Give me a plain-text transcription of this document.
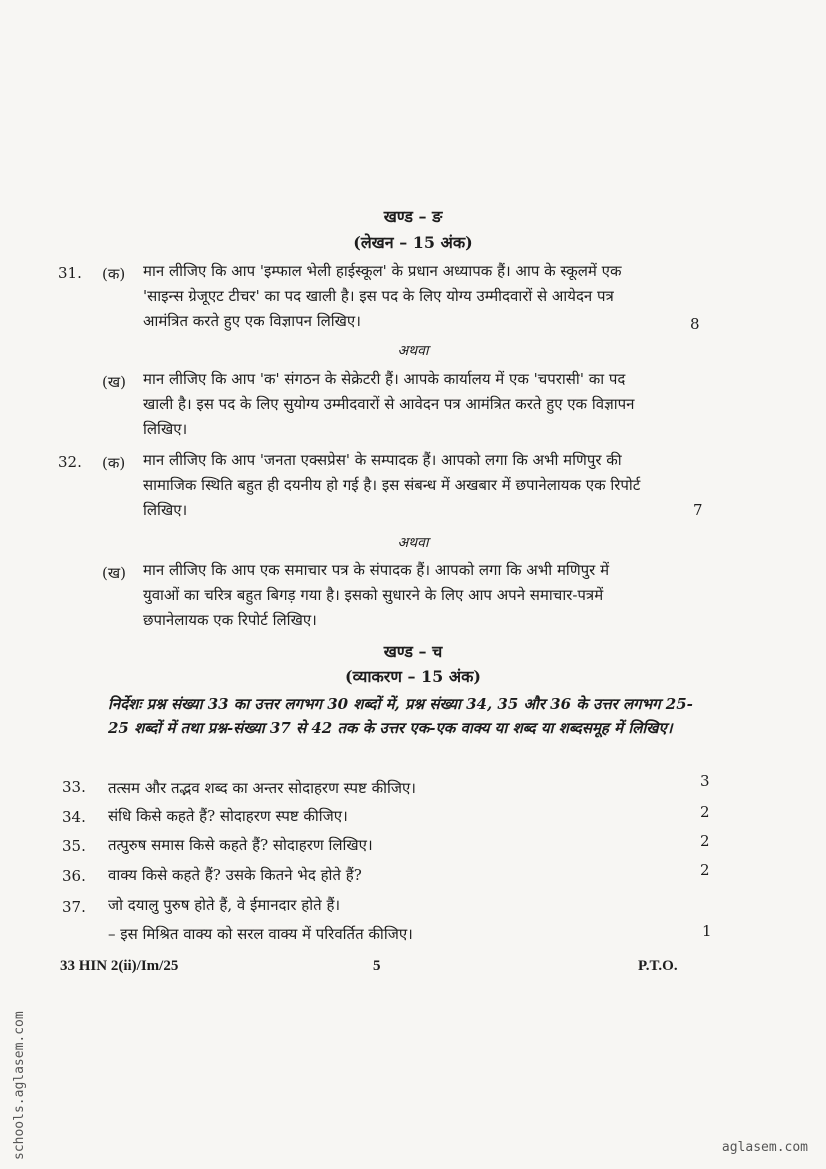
खण्ड – ङ
(लेखन – 15 अंक)
31. (क) मान लीजिए कि आप 'इम्फाल भेली हाईस्कूल' के प्रधान अध्यापक हैं। आप के स्कूलमें एक
'साइन्स ग्रेजूएट टीचर' का पद खाली है। इस पद के लिए योग्य उम्मीदवारों से आयेदन पत्र
आमंत्रित करते हुए एक विज्ञापन लिखिए।	8
अथवा
(ख) मान लीजिए कि आप 'क' संगठन के सेक्रेटरी हैं। आपके कार्यालय में एक 'चपरासी' का पद
खाली है। इस पद के लिए सुयोग्य उम्मीदवारों से आवेदन पत्र आमंत्रित करते हुए एक विज्ञापन
लिखिए।
32. (क) मान लीजिए कि आप 'जनता एक्सप्रेस' के सम्पादक हैं। आपको लगा कि अभी मणिपुर की
सामाजिक स्थिति बहुत ही दयनीय हो गई है। इस संबन्ध में अखबार में छपानेलायक एक रिपोर्ट
लिखिए।	7
अथवा
(ख) मान लीजिए कि आप एक समाचार पत्र के संपादक हैं। आपको लगा कि अभी मणिपुर में
युवाओं का चरित्र बहुत बिगड़ गया है। इसको सुधारने के लिए आप अपने समाचार-पत्रमें
छपानेलायक एक रिपोर्ट लिखिए।
खण्ड – च
(व्याकरण – 15 अंक)
निर्देशः प्रश्न संख्या 33 का उत्तर लगभग 30 शब्दों में, प्रश्न संख्या 34, 35 और 36 के उत्तर लगभग 25-25 शब्दों में तथा प्रश्न-संख्या 37 से 42 तक के उत्तर एक-एक वाक्य या शब्द या शब्दसमूह में लिखिए।
33. तत्सम और तद्भव शब्द का अन्तर सोदाहरण स्पष्ट कीजिए।	3
34. संधि किसे कहते हैं? सोदाहरण स्पष्ट कीजिए।	2
35. तत्पुरुष समास किसे कहते हैं? सोदाहरण लिखिए।	2
36. वाक्य किसे कहते हैं? उसके कितने भेद होते हैं?	2
37. जो दयालु पुरुष होते हैं, वे ईमानदार होते हैं।
– इस मिश्रित वाक्य को सरल वाक्य में परिवर्तित कीजिए।	1
33 HIN 2(ii)/Im/25	5	P.T.O.
schools.aglasem.com	aglasem.com
